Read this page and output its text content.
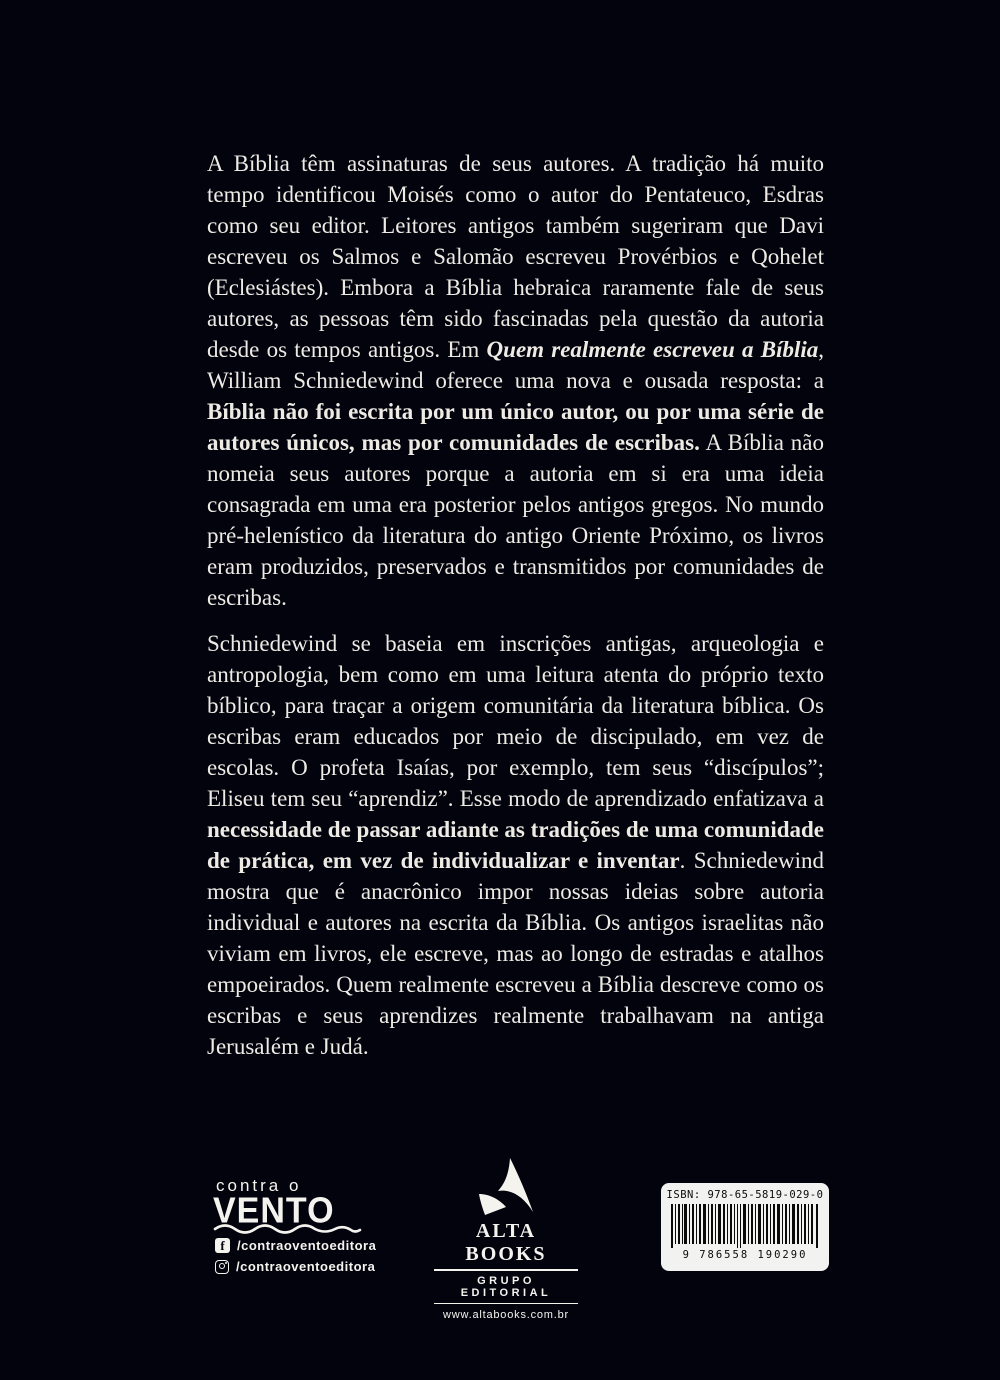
A Bíblia têm assinaturas de seus autores. A tradição há muito tempo identificou Moisés como o autor do Pentateuco, Esdras como seu editor. Leitores antigos também sugeriram que Davi escreveu os Salmos e Salomão escreveu Provérbios e Qohelet (Eclesiástes). Embora a Bíblia hebraica raramente fale de seus autores, as pessoas têm sido fascinadas pela questão da autoria desde os tempos antigos. Em Quem realmente escreveu a Bíblia, William Schniedewind oferece uma nova e ousada resposta: a Bíblia não foi escrita por um único autor, ou por uma série de autores únicos, mas por comunidades de escribas. A Bíblia não nomeia seus autores porque a autoria em si era uma ideia consagrada em uma era posterior pelos antigos gregos. No mundo pré-helenístico da literatura do antigo Oriente Próximo, os livros eram produzidos, preservados e transmitidos por comunidades de escribas.

Schniedewind se baseia em inscrições antigas, arqueologia e antropologia, bem como em uma leitura atenta do próprio texto bíblico, para traçar a origem comunitária da literatura bíblica. Os escribas eram educados por meio de discipulado, em vez de escolas. O profeta Isaías, por exemplo, tem seus “discípulos”; Eliseu tem seu “aprendiz”. Esse modo de aprendizado enfatizava a necessidade de passar adiante as tradições de uma comunidade de prática, em vez de individualizar e inventar. Schniedewind mostra que é anacrônico impor nossas ideias sobre autoria individual e autores na escrita da Bíblia. Os antigos israelitas não viviam em livros, ele escreve, mas ao longo de estradas e atalhos empoeirados. Quem realmente escreveu a Bíblia descreve como os escribas e seus aprendizes realmente trabalhavam na antiga Jerusalém e Judá.

contra o
VENTO
f /contraoventoeditora
/contraoventoeditora
ALTA BOOKS
GRUPO EDITORIAL
www.altabooks.com.br
ISBN: 978-65-5819-029-0
9 786558 190290
